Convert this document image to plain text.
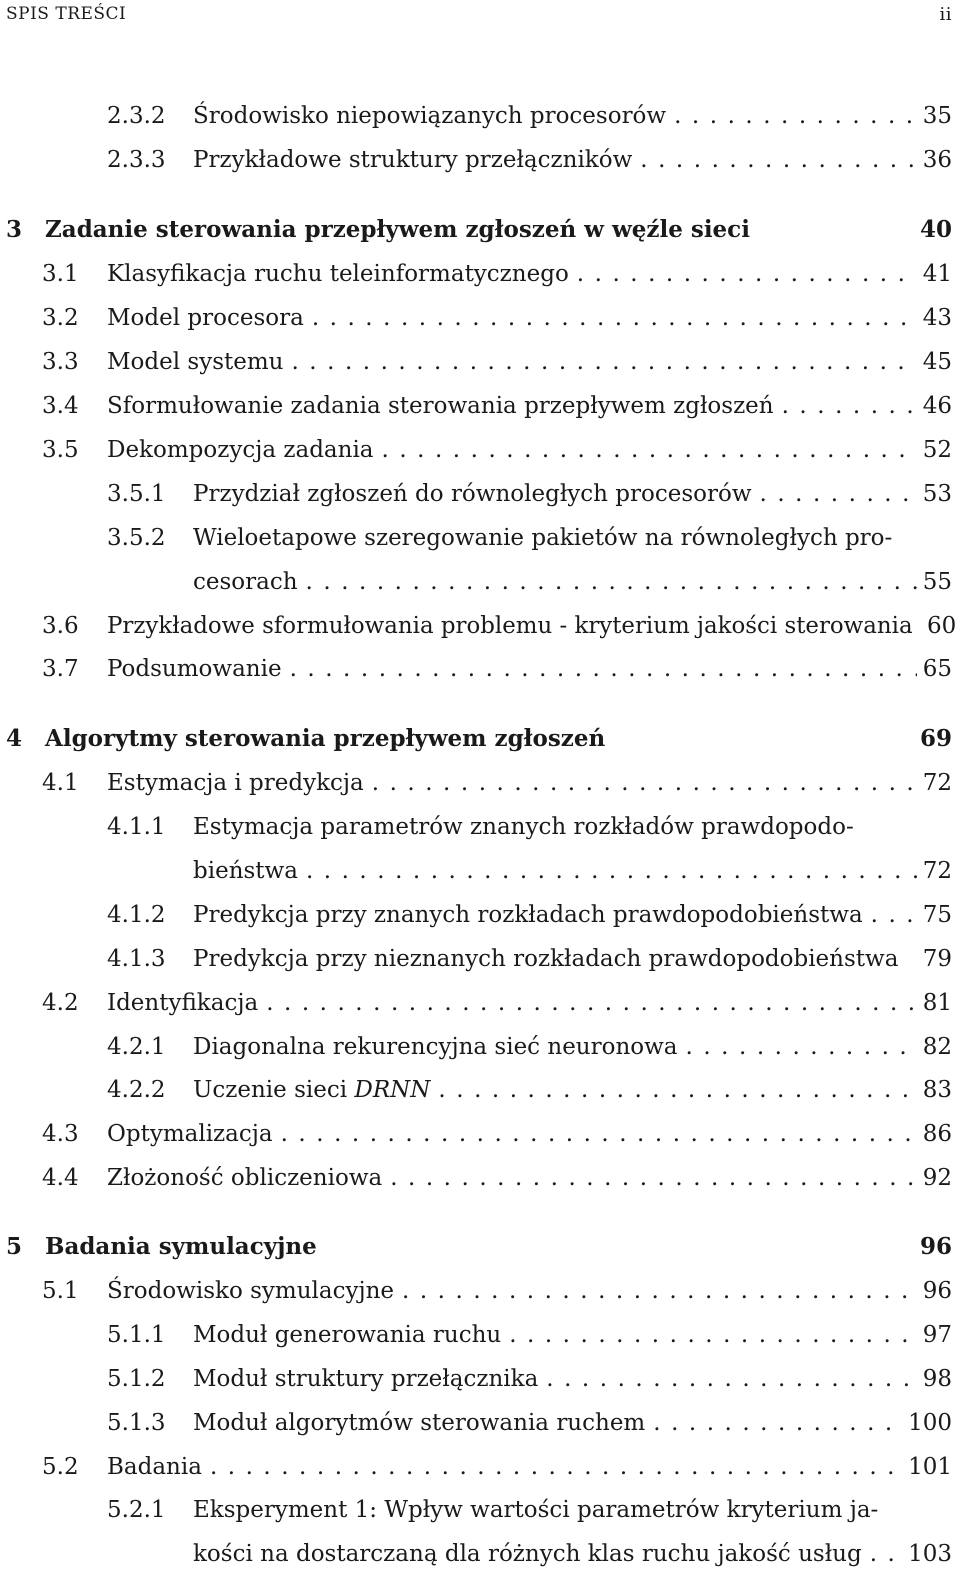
SPIS TREŚCI	ii
2.3.2 Środowisko niepowiązanych procesorów . . .	35
2.3.3 Przykładowe struktury przełączników . . .	36
3 Zadanie sterowania przepływem zgłoszeń w węźle sieci	40
3.1 Klasyfikacja ruchu teleinformatycznego . . .	41
3.2 Model procesora . . .	43
3.3 Model systemu . . .	45
3.4 Sformułowanie zadania sterowania przepływem zgłoszeń . . .	46
3.5 Dekompozycja zadania . . .	52
3.5.1 Przydział zgłoszeń do równoległych procesorów . . .	53
3.5.2 Wieloetapowe szeregowanie pakietów na równoległych pro-
cesorach . . .	55
3.6 Przykładowe sformułowania problemu - kryterium jakości sterowania 60
3.7 Podsumowanie . . .	65
4 Algorytmy sterowania przepływem zgłoszeń	69
4.1 Estymacja i predykcja . . .	72
4.1.1 Estymacja parametrów znanych rozkładów prawdopodo-
bieństwa . . .	72
4.1.2 Predykcja przy znanych rozkładach prawdopodobieństwa . . .	75
4.1.3 Predykcja przy nieznanych rozkładach prawdopodobieństwa 79
4.2 Identyfikacja . . .	81
4.2.1 Diagonalna rekurencyjna sieć neuronowa . . .	82
4.2.2 Uczenie sieci DRNN . . .	83
4.3 Optymalizacja . . .	86
4.4 Złożoność obliczeniowa . . .	92
5 Badania symulacyjne	96
5.1 Środowisko symulacyjne . . .	96
5.1.1 Moduł generowania ruchu . . .	97
5.1.2 Moduł struktury przełącznika . . .	98
5.1.3 Moduł algorytmów sterowania ruchem . . .	100
5.2 Badania . . .	101
5.2.1 Eksperyment 1: Wpływ wartości parametrów kryterium ja-
kości na dostarczaną dla różnych klas ruchu jakość usług . . . 103
